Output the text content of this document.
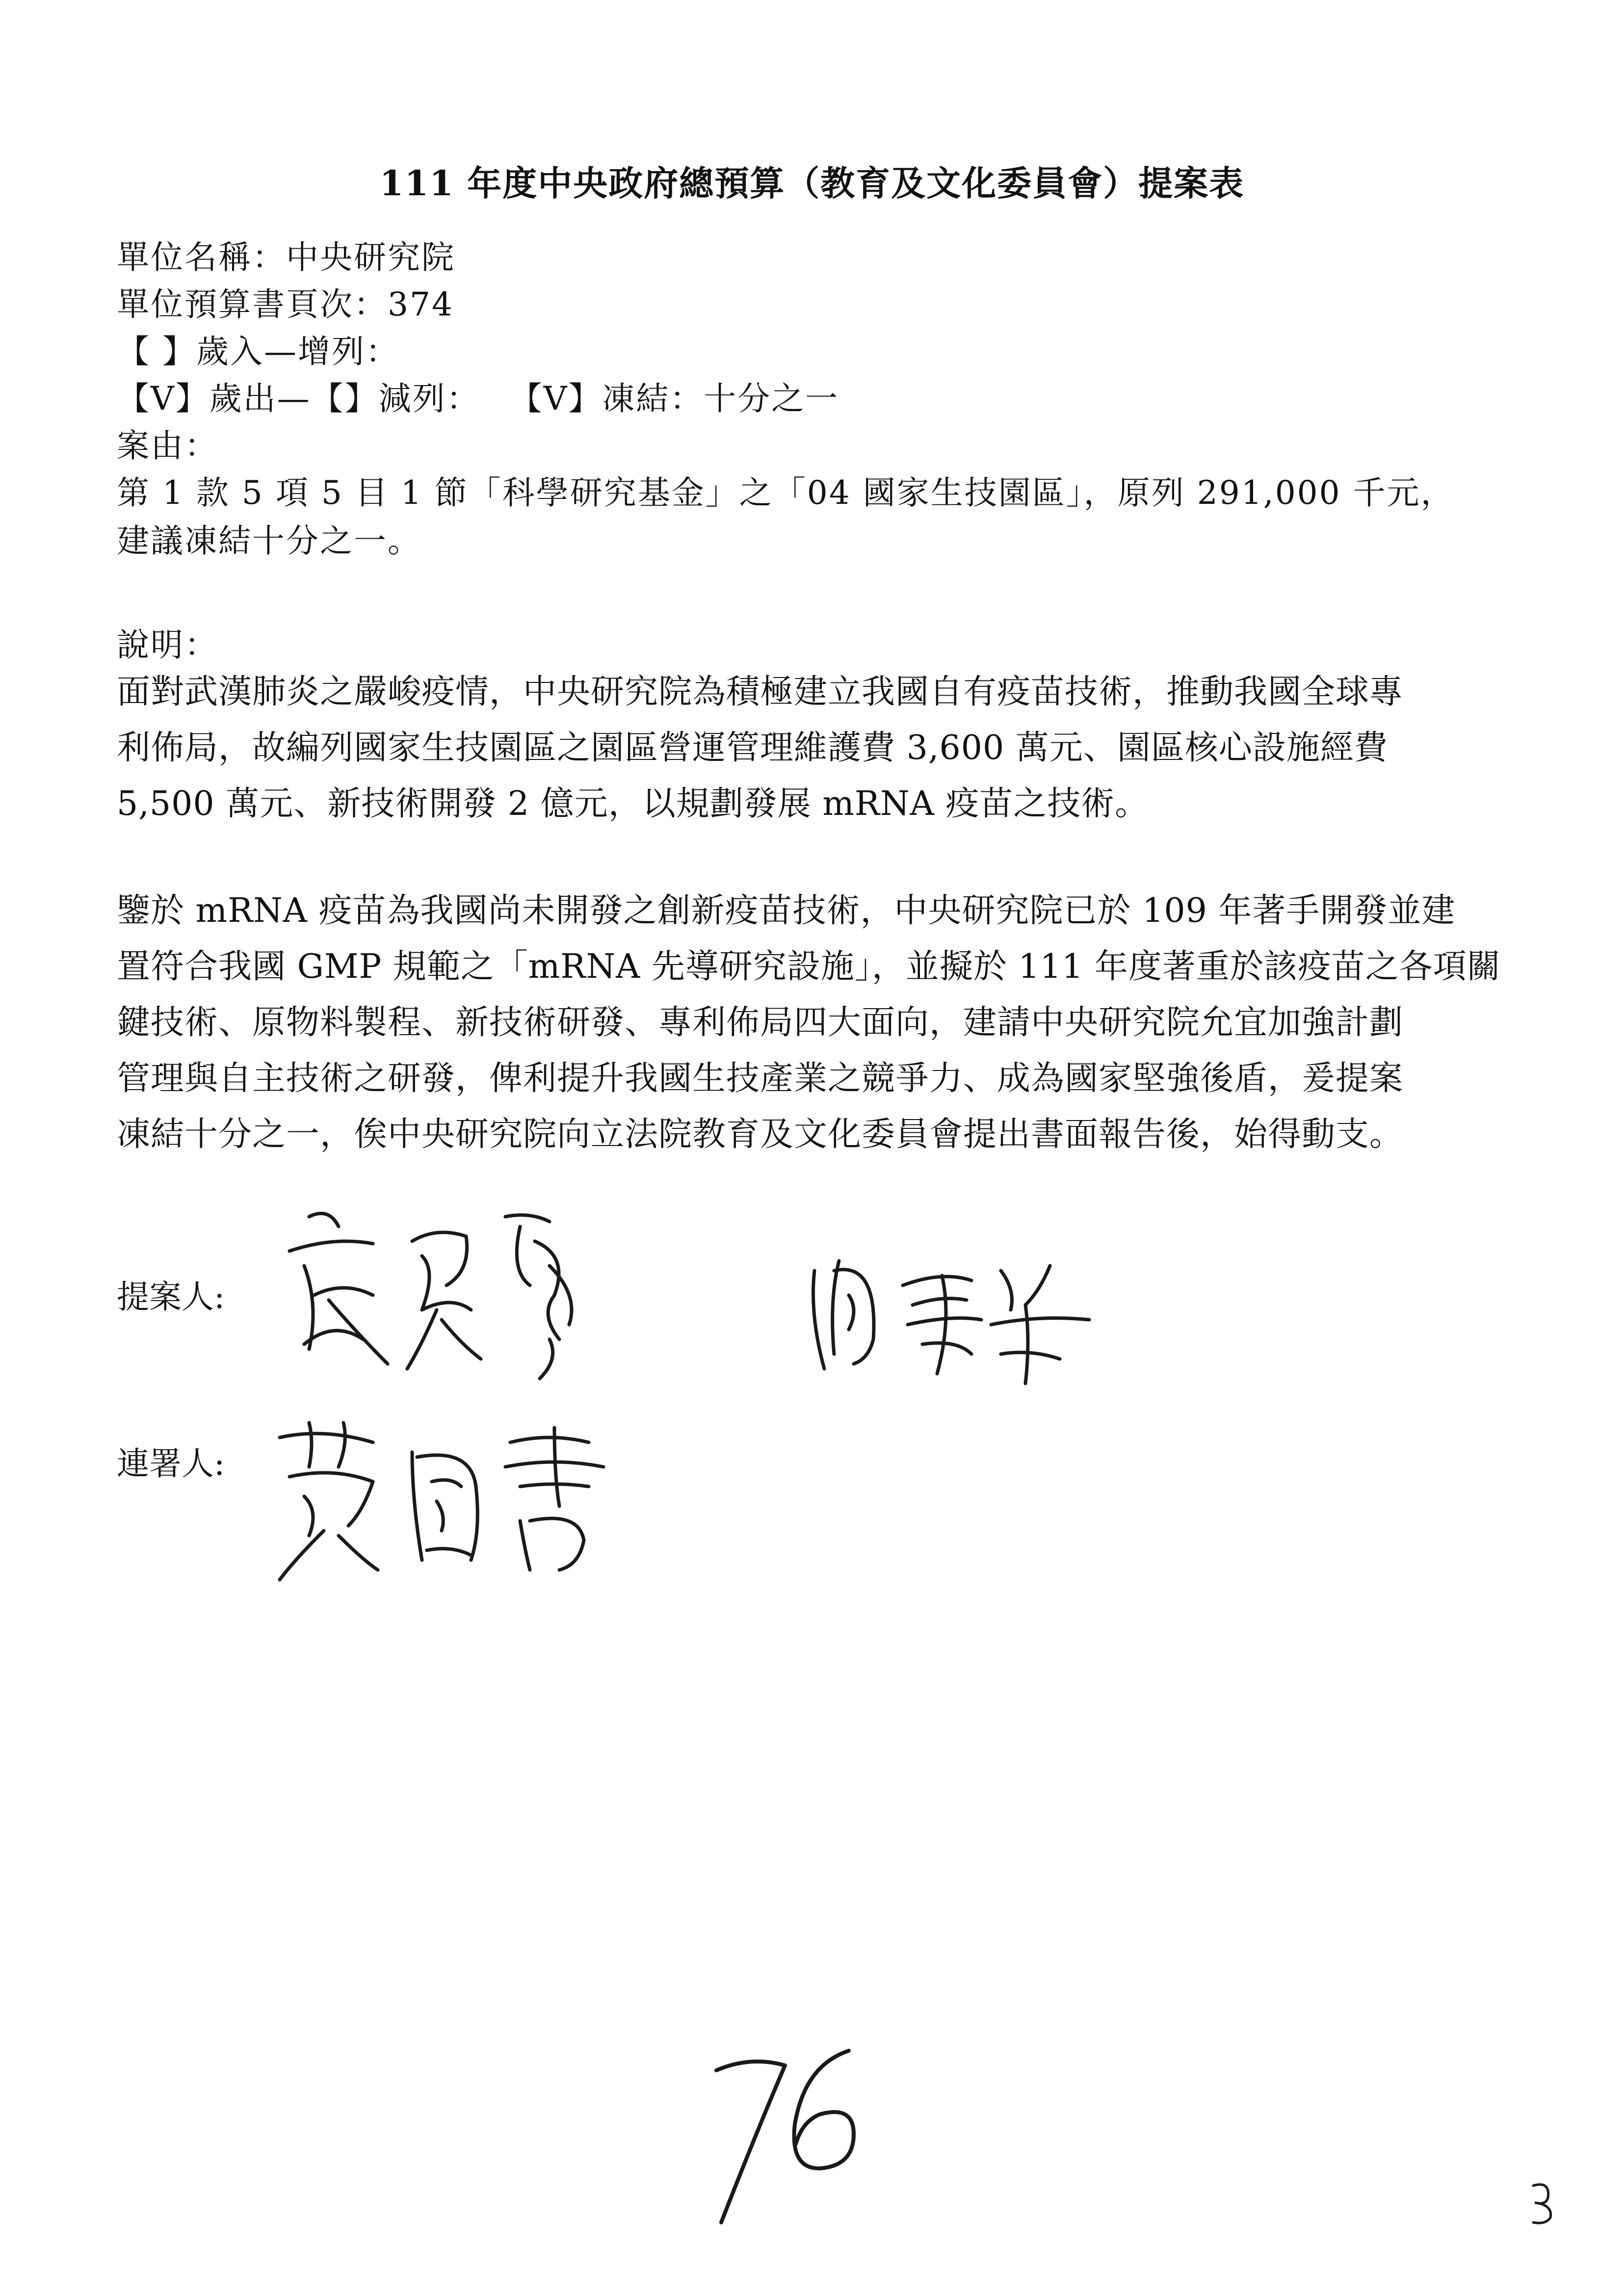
111 年度中央政府總預算（教育及文化委員會）提案表

單位名稱：中央研究院

單位預算書頁次：374

【 】歲入—增列：

【V】歲出—【】減列：　 【V】凍結：十分之一

案由：

第 1 款 5 項 5 目 1 節「科學研究基金」之「04 國家生技園區」，原列 291,000 千元，

建議凍結十分之一。

說明：

面對武漢肺炎之嚴峻疫情，中央研究院為積極建立我國自有疫苗技術，推動我國全球專

利佈局，故編列國家生技園區之園區營運管理維護費 3,600 萬元、園區核心設施經費

5,500 萬元、新技術開發 2 億元，以規劃發展 mRNA 疫苗之技術。

鑒於 mRNA 疫苗為我國尚未開發之創新疫苗技術，中央研究院已於 109 年著手開發並建

置符合我國 GMP 規範之「mRNA 先導研究設施」，並擬於 111 年度著重於該疫苗之各項關

鍵技術、原物料製程、新技術研發、專利佈局四大面向，建請中央研究院允宜加強計劃

管理與自主技術之研發，俾利提升我國生技產業之競爭力、成為國家堅強後盾，爰提案

凍結十分之一，俟中央研究院向立法院教育及文化委員會提出書面報告後，始得動支。

提案人:

連署人:
